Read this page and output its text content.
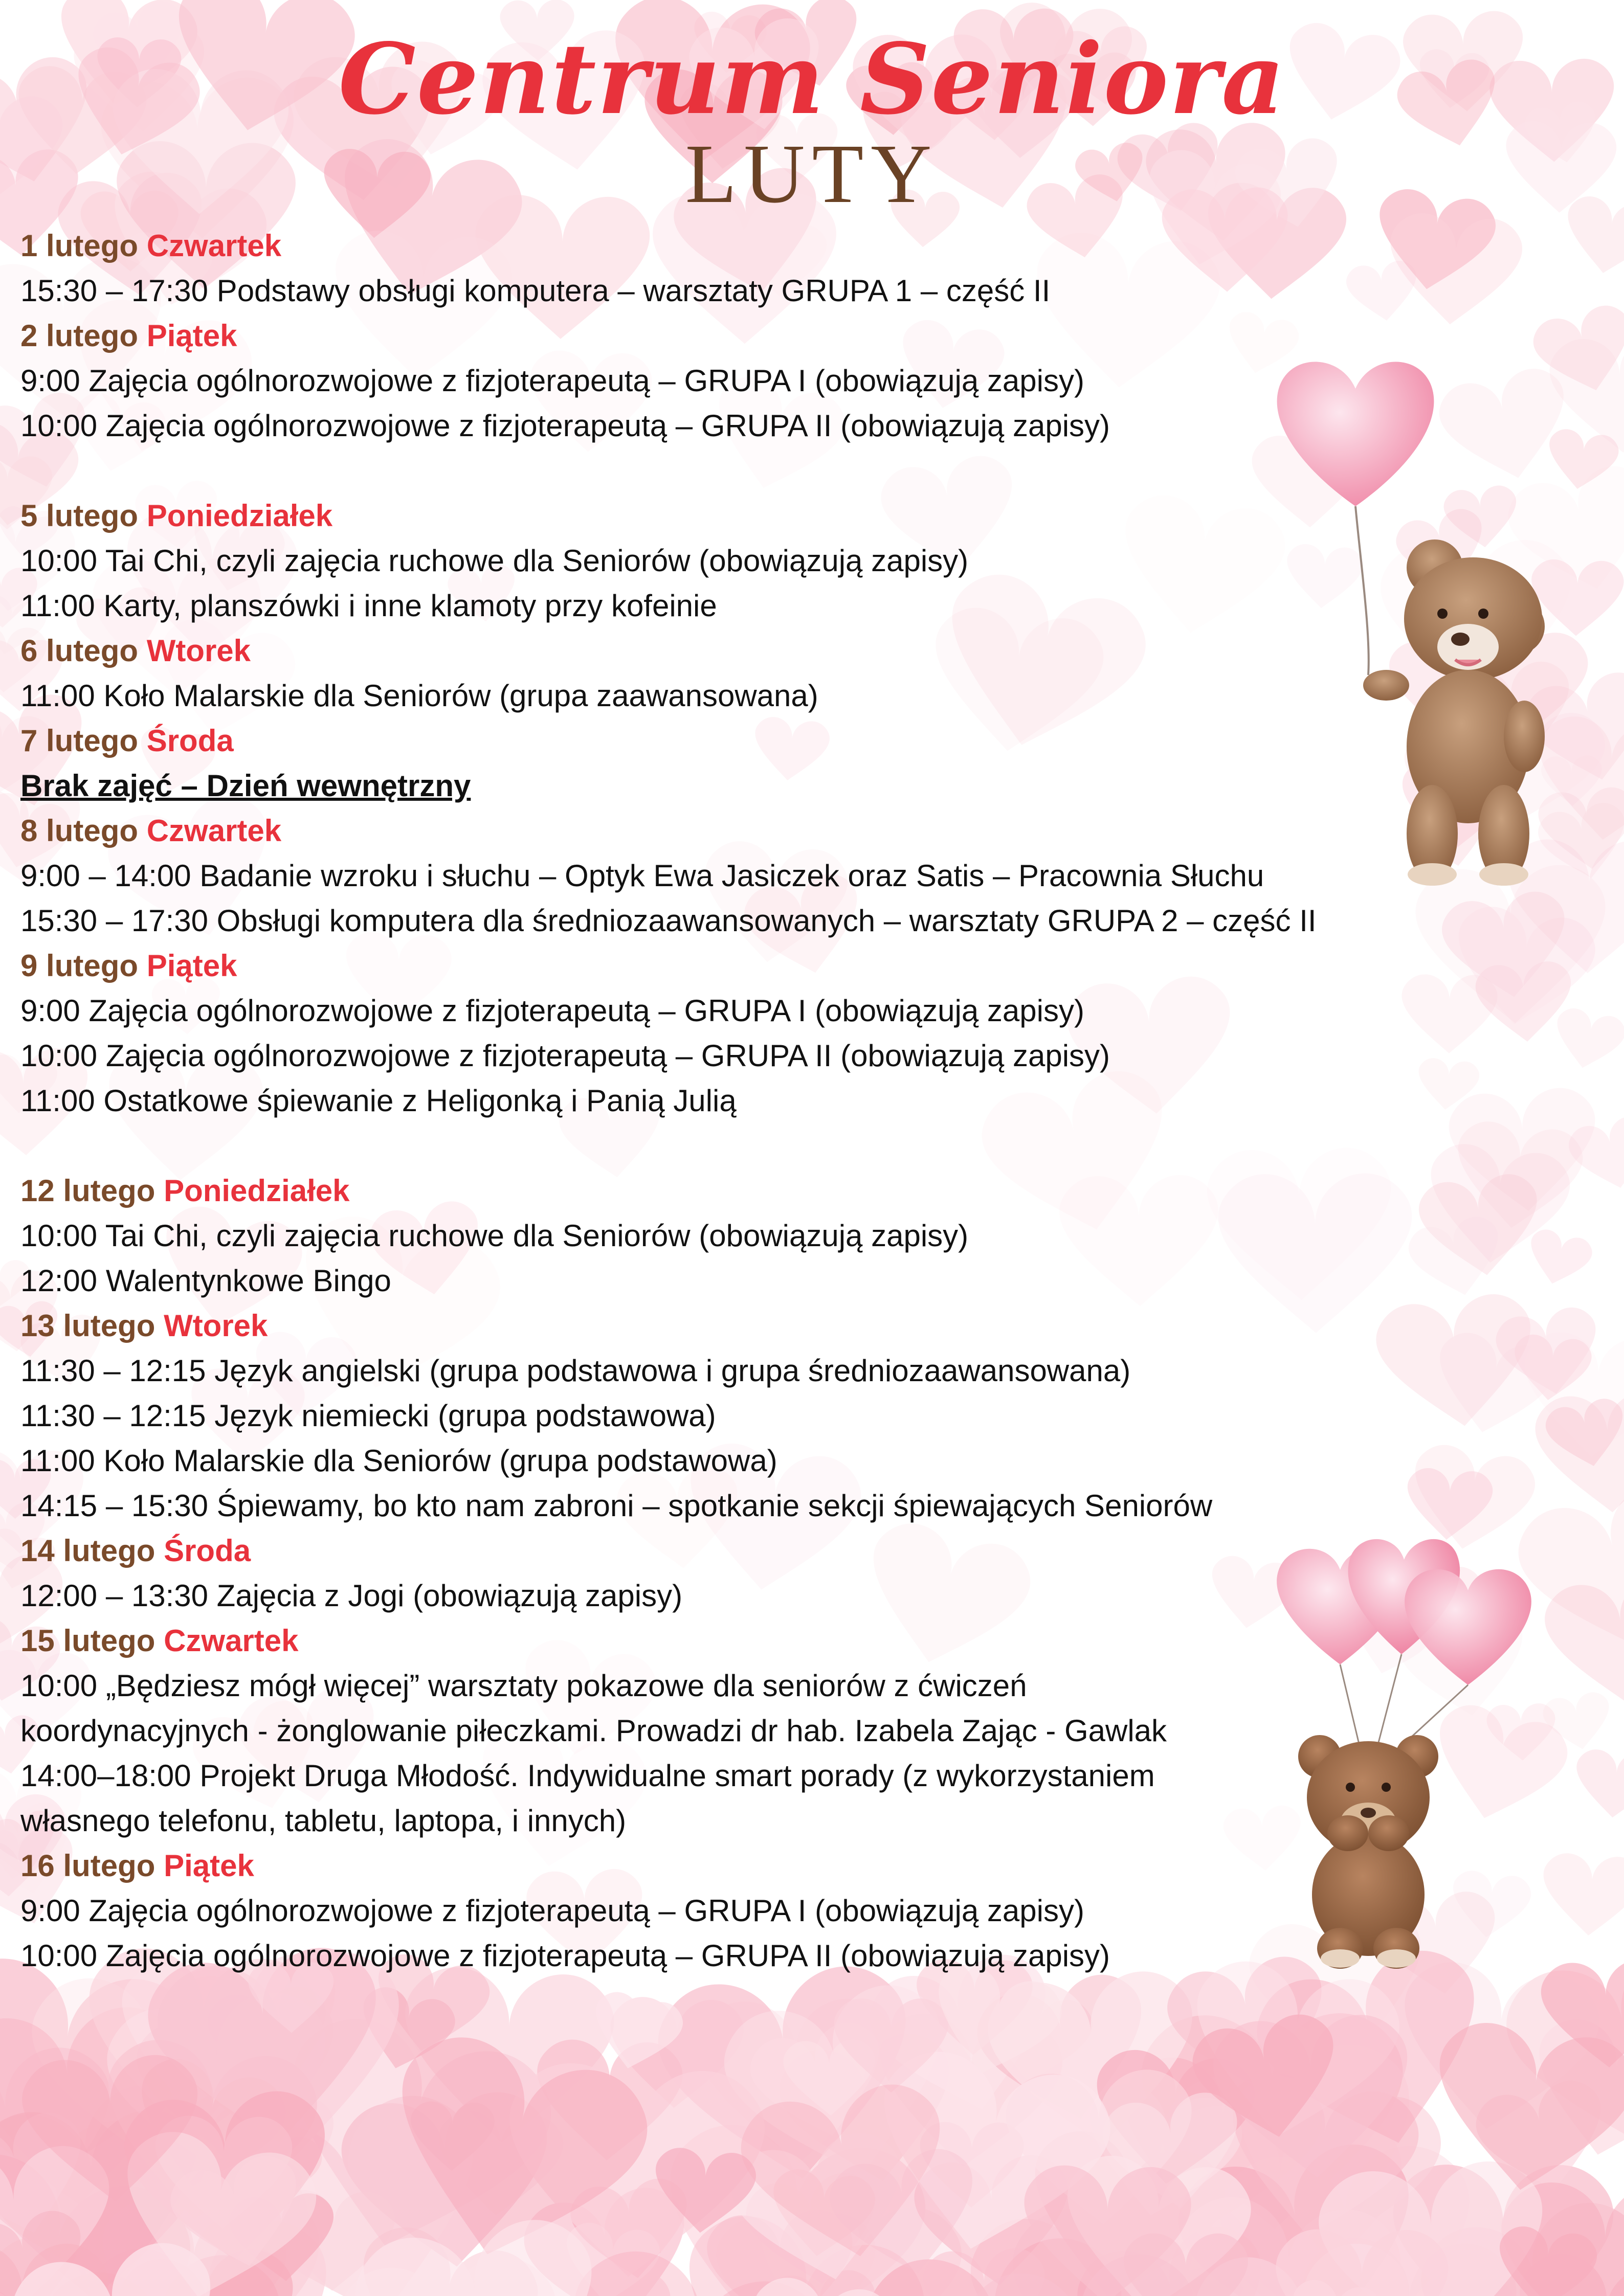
Centrum Seniora
LUTY
1 lutego Czwartek
15:30 – 17:30 Podstawy obsługi komputera – warsztaty GRUPA 1 – część II
2 lutego Piątek
9:00 Zajęcia ogólnorozwojowe z fizjoterapeutą – GRUPA I (obowiązują zapisy)
10:00 Zajęcia ogólnorozwojowe z fizjoterapeutą – GRUPA II (obowiązują zapisy)
5 lutego Poniedziałek
10:00 Tai Chi, czyli zajęcia ruchowe dla Seniorów (obowiązują zapisy)
11:00 Karty, planszówki i inne klamoty przy kofeinie
6 lutego Wtorek
11:00 Koło Malarskie dla Seniorów (grupa zaawansowana)
7 lutego Środa
Brak zajęć – Dzień wewnętrzny
8 lutego Czwartek
9:00 – 14:00 Badanie wzroku i słuchu – Optyk Ewa Jasiczek oraz Satis – Pracownia Słuchu
15:30 – 17:30 Obsługi komputera dla średniozaawansowanych – warsztaty GRUPA 2 – część II
9 lutego Piątek
9:00 Zajęcia ogólnorozwojowe z fizjoterapeutą – GRUPA I (obowiązują zapisy)
10:00 Zajęcia ogólnorozwojowe z fizjoterapeutą – GRUPA II (obowiązują zapisy)
11:00 Ostatkowe śpiewanie z Heligonką i Panią Julią
12 lutego Poniedziałek
10:00 Tai Chi, czyli zajęcia ruchowe dla Seniorów (obowiązują zapisy)
12:00 Walentynkowe Bingo
13 lutego Wtorek
11:30 – 12:15 Język angielski (grupa podstawowa i grupa średniozaawansowana)
11:30 – 12:15 Język niemiecki (grupa podstawowa)
11:00 Koło Malarskie dla Seniorów (grupa podstawowa)
14:15 – 15:30 Śpiewamy, bo kto nam zabroni – spotkanie sekcji śpiewających Seniorów
14 lutego Środa
12:00 – 13:30 Zajęcia z Jogi (obowiązują zapisy)
15 lutego Czwartek
10:00 „Będziesz mógł więcej” warsztaty pokazowe dla seniorów z ćwiczeń
koordynacyjnych - żonglowanie piłeczkami. Prowadzi dr hab. Izabela Zając - Gawlak
14:00–18:00 Projekt Druga Młodość. Indywidualne smart porady (z wykorzystaniem
własnego telefonu, tabletu, laptopa, i innych)
16 lutego Piątek
9:00 Zajęcia ogólnorozwojowe z fizjoterapeutą – GRUPA I (obowiązują zapisy)
10:00 Zajęcia ogólnorozwojowe z fizjoterapeutą – GRUPA II (obowiązują zapisy)
